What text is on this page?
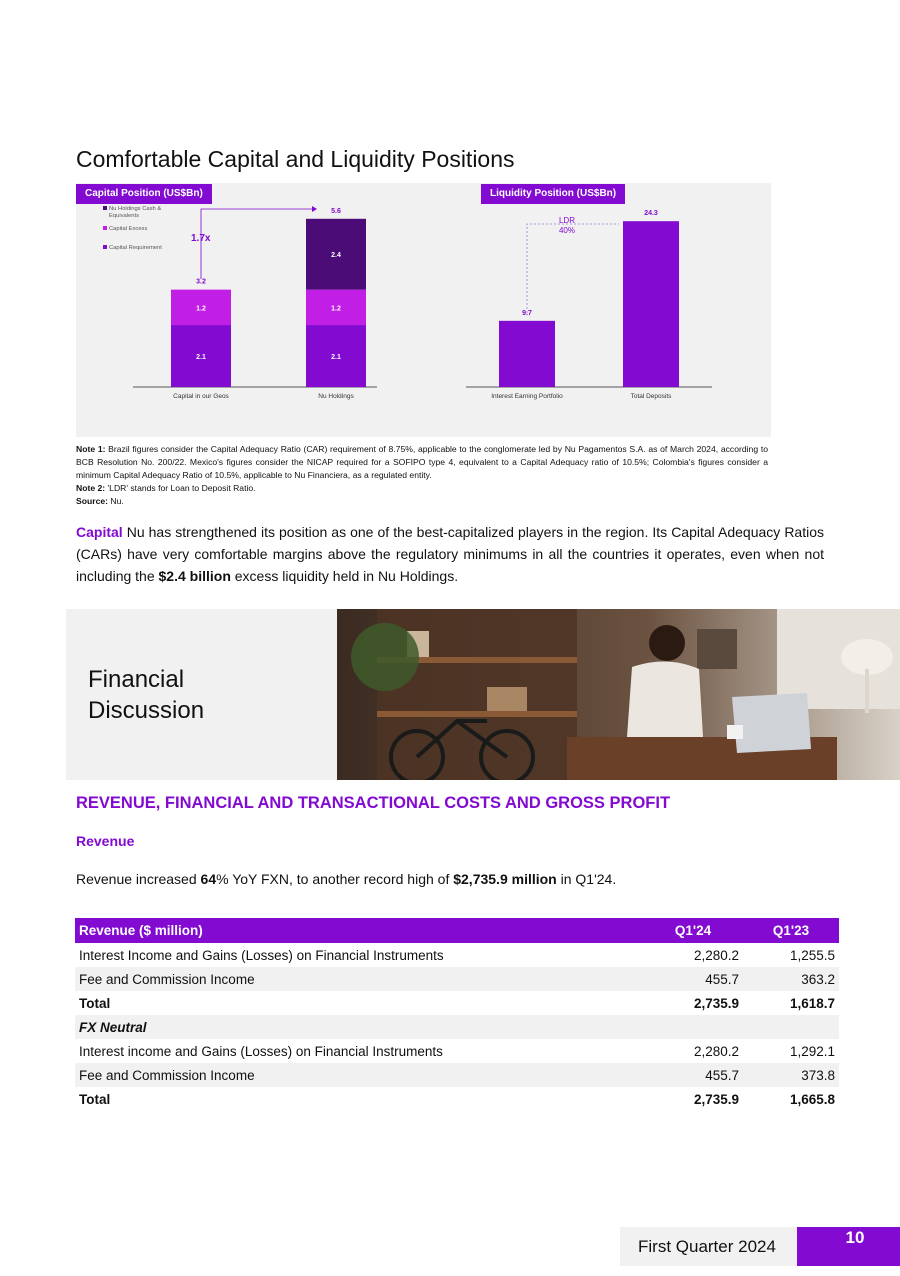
Comfortable Capital and Liquidity Positions
Capital Position (US$Bn)	Liquidity Position (US$Bn)
2.1
1.2
3.2
Capital in our Geos
2.1
1.2
2.4
5.6
Nu Holdings
1.7x
Nu Holdings Cash &
Equivalents
Capital Excess
Capital Requirement
9.7
Interest Earning Portfolio
24.3
Total Deposits
LDR
40%
Note 1: Brazil figures consider the Capital Adequacy Ratio (CAR) requirement of 8.75%, applicable to the conglomerate led by Nu Pagamentos S.A. as of March 2024, according to BCB Resolution No. 200/22. Mexico's figures consider the NICAP required for a SOFIPO type 4, equivalent to a Capital Adequacy ratio of 10.5%; Colombia's figures consider a minimum Capital Adequacy Ratio of 10.5%, applicable to Nu Financiera, as a regulated entity.
Note 2: 'LDR' stands for Loan to Deposit Ratio.
Source: Nu.
Capital Nu has strengthened its position as one of the best-capitalized players in the region. Its Capital Adequacy Ratios (CARs) have very comfortable margins above the regulatory minimums in all the countries it operates, even when not including the $2.4 billion excess liquidity held in Nu Holdings.
Financial
Discussion
REVENUE, FINANCIAL AND TRANSACTIONAL COSTS AND GROSS PROFIT
Revenue
Revenue increased 64% YoY FXN, to another record high of $2,735.9 million in Q1'24.
Revenue ($ million)	Q1'24	Q1'23
Interest Income and Gains (Losses) on Financial Instruments	2,280.2	1,255.5
Fee and Commission Income	455.7	363.2
Total	2,735.9	1,618.7
FX Neutral		
Interest income and Gains (Losses) on Financial Instruments	2,280.2	1,292.1
Fee and Commission Income	455.7	373.8
Total	2,735.9	1,665.8
First Quarter 2024	10
